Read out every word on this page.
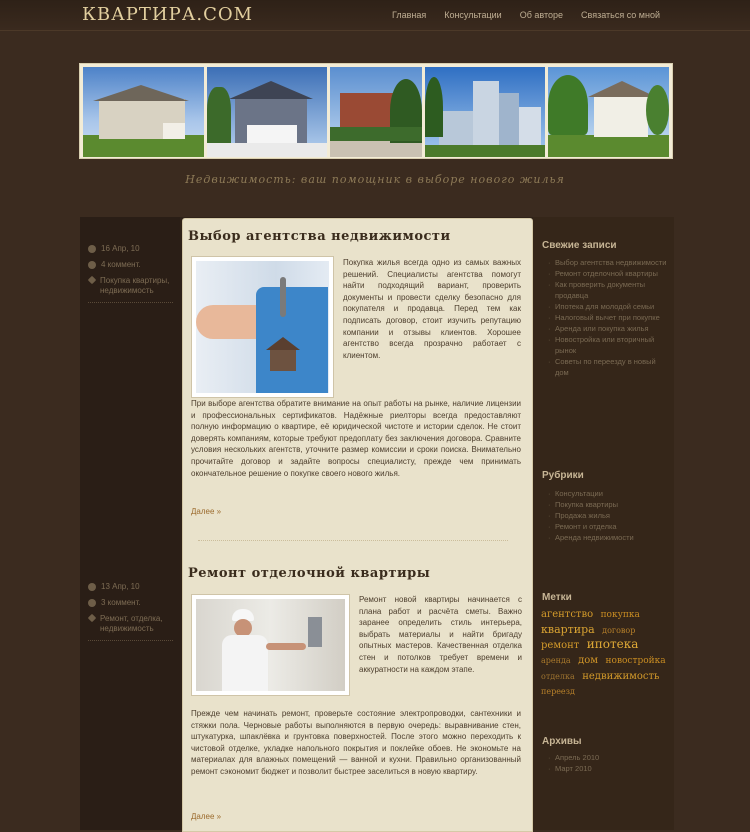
КВАРТИРА.COM	Главная Консультации Об авторе Связаться со мной
Недвижимость: ваш помощник в выборе нового жилья
16 Апр, 10
4 коммент.
Покупка квартиры, недвижимость
Выбор агентства недвижимости
Покупка жилья всегда одно из самых важных решений. Специалисты агентства помогут найти подходящий вариант, проверить документы и провести сделку безопасно для покупателя и продавца. Перед тем как подписать договор, стоит изучить репутацию компании и отзывы клиентов. Хорошее агентство всегда прозрачно работает с клиентом.
При выборе агентства обратите внимание на опыт работы на рынке, наличие лицензии и профессиональных сертификатов. Надёжные риелторы всегда предоставляют полную информацию о квартире, её юридической чистоте и истории сделок. Не стоит доверять компаниям, которые требуют предоплату без заключения договора. Сравните условия нескольких агентств, уточните размер комиссии и сроки поиска. Внимательно прочитайте договор и задайте вопросы специалисту, прежде чем принимать окончательное решение о покупке своего нового жилья.
Далее »
13 Апр, 10
3 коммент.
Ремонт, отделка, недвижимость
Ремонт отделочной квартиры
Ремонт новой квартиры начинается с плана работ и расчёта сметы. Важно заранее определить стиль интерьера, выбрать материалы и найти бригаду опытных мастеров. Качественная отделка стен и потолков требует времени и аккуратности на каждом этапе.
Прежде чем начинать ремонт, проверьте состояние электропроводки, сантехники и стяжки пола. Черновые работы выполняются в первую очередь: выравнивание стен, штукатурка, шпаклёвка и грунтовка поверхностей. После этого можно переходить к чистовой отделке, укладке напольного покрытия и поклейке обоев. Не экономьте на материалах для влажных помещений — ванной и кухни. Правильно организованный ремонт сэкономит бюджет и позволит быстрее заселиться в новую квартиру.
Далее »
Свежие записи
· Выбор агентства недвижимости
· Ремонт отделочной квартиры
· Как проверить документы продавца
· Ипотека для молодой семьи
· Налоговый вычет при покупке
· Аренда или покупка жилья
· Новостройка или вторичный рынок
· Советы по переезду в новый дом
Рубрики
· Консультации
· Покупка квартиры
· Продажа жилья
· Ремонт и отделка
· Аренда недвижимости
Метки
агентство покупка квартира договор ремонт ипотека аренда дом новостройка отделка недвижимость переезд
Архивы
· Апрель 2010
· Март 2010
